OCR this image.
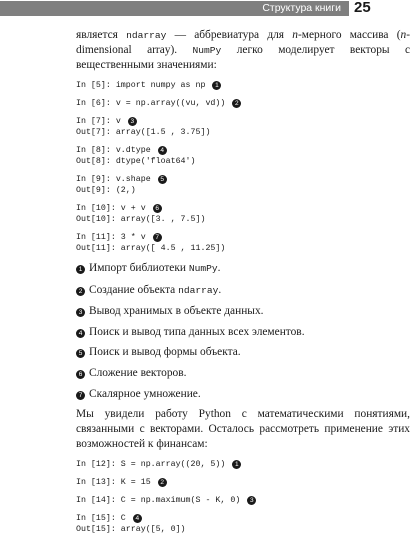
Структура книги 25

является ndarray — аббревиатура для n-мерного массива (n-dimensional array). NumPy легко моделирует векторы с вещественными значениями:

In [5]: import numpy as np 1
In [6]: v = np.array((vu, vd)) 2
In [7]: v 3
Out[7]: array([1.5 , 3.75])
In [8]: v.dtype 4
Out[8]: dtype('float64')
In [9]: v.shape 5
Out[9]: (2,)
In [10]: v + v 6
Out[10]: array([3. , 7.5])
In [11]: 3 * v 7
Out[11]: array([ 4.5 , 11.25])
1 Импорт библиотеки NumPy.
2 Создание объекта ndarray.
3 Вывод хранимых в объекте данных.
4 Поиск и вывод типа данных всех элементов.
5 Поиск и вывод формы объекта.
6 Сложение векторов.
7 Скалярное умножение.

Мы увидели работу Python с математическими понятиями, связанными с векторами. Осталось рассмотреть применение этих возможностей к финансам:

In [12]: S = np.array((20, 5)) 1
In [13]: K = 15 2
In [14]: C = np.maximum(S - K, 0) 3
In [15]: C 4
Out[15]: array([5, 0])
